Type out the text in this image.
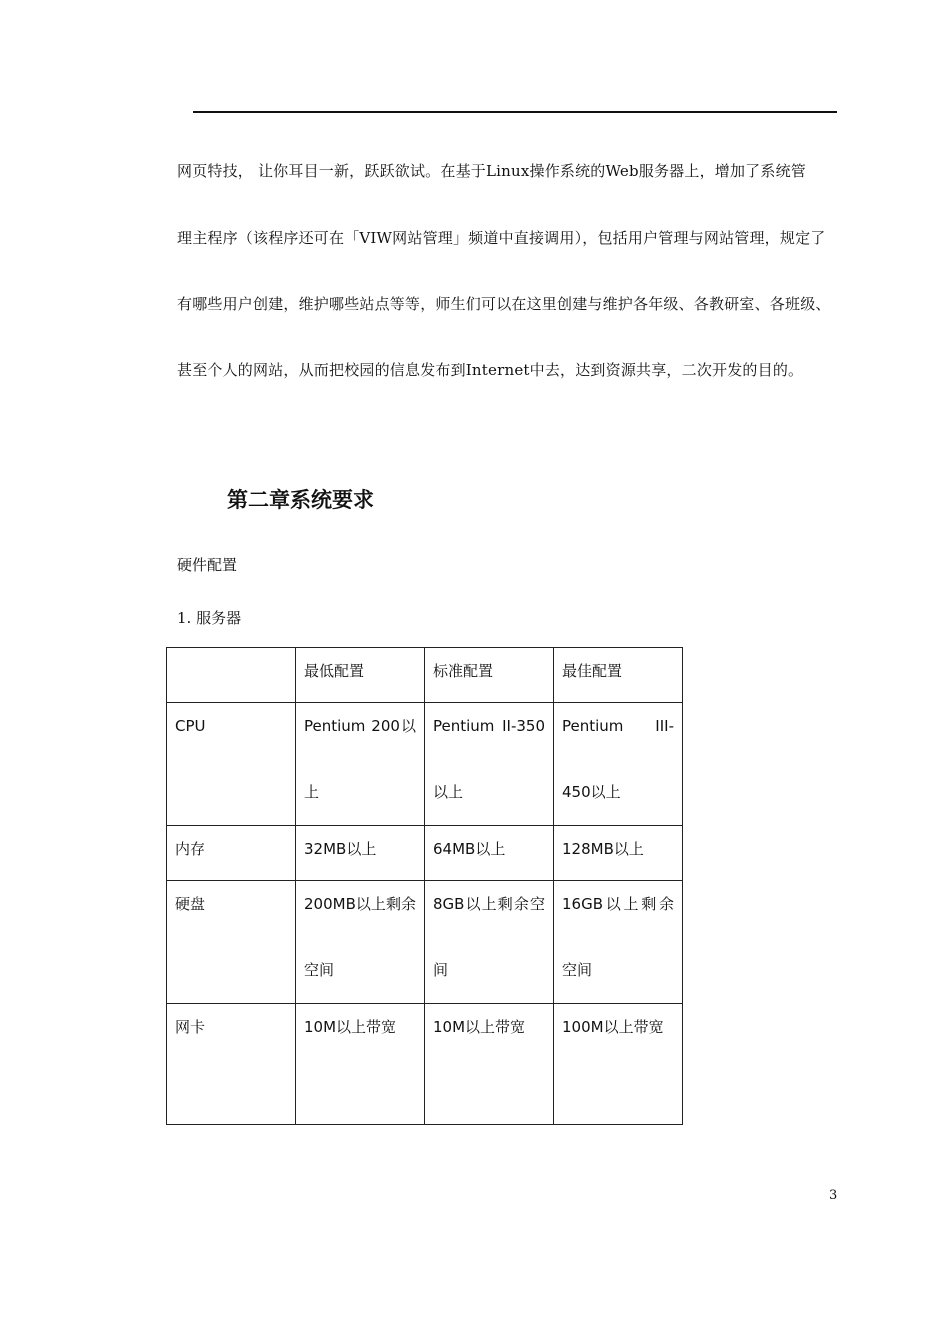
网页特技， 让你耳目一新，跃跃欲试。在基于Linux操作系统的Web服务器上，增加了系统管
理主程序（该程序还可在「VIW网站管理」频道中直接调用），包括用户管理与网站管理，规定了
有哪些用户创建，维护哪些站点等等，师生们可以在这里创建与维护各年级、各教研室、各班级、
甚至个人的网站，从而把校园的信息发布到Internet中去，达到资源共享，二次开发的目的。
第二章系统要求
硬件配置
1. 服务器

	最低配置	标准配置	最佳配置

CPU	Pentium 200以上	Pentium II-350以上	Pentium III-450以上

内存	32MB以上	64MB以上	128MB以上

硬盘	200MB以上剩余空间	8GB以上剩余空间	16GB以上剩余空间

网卡	10M以上带宽	10M以上带宽	100M以上带宽
3
